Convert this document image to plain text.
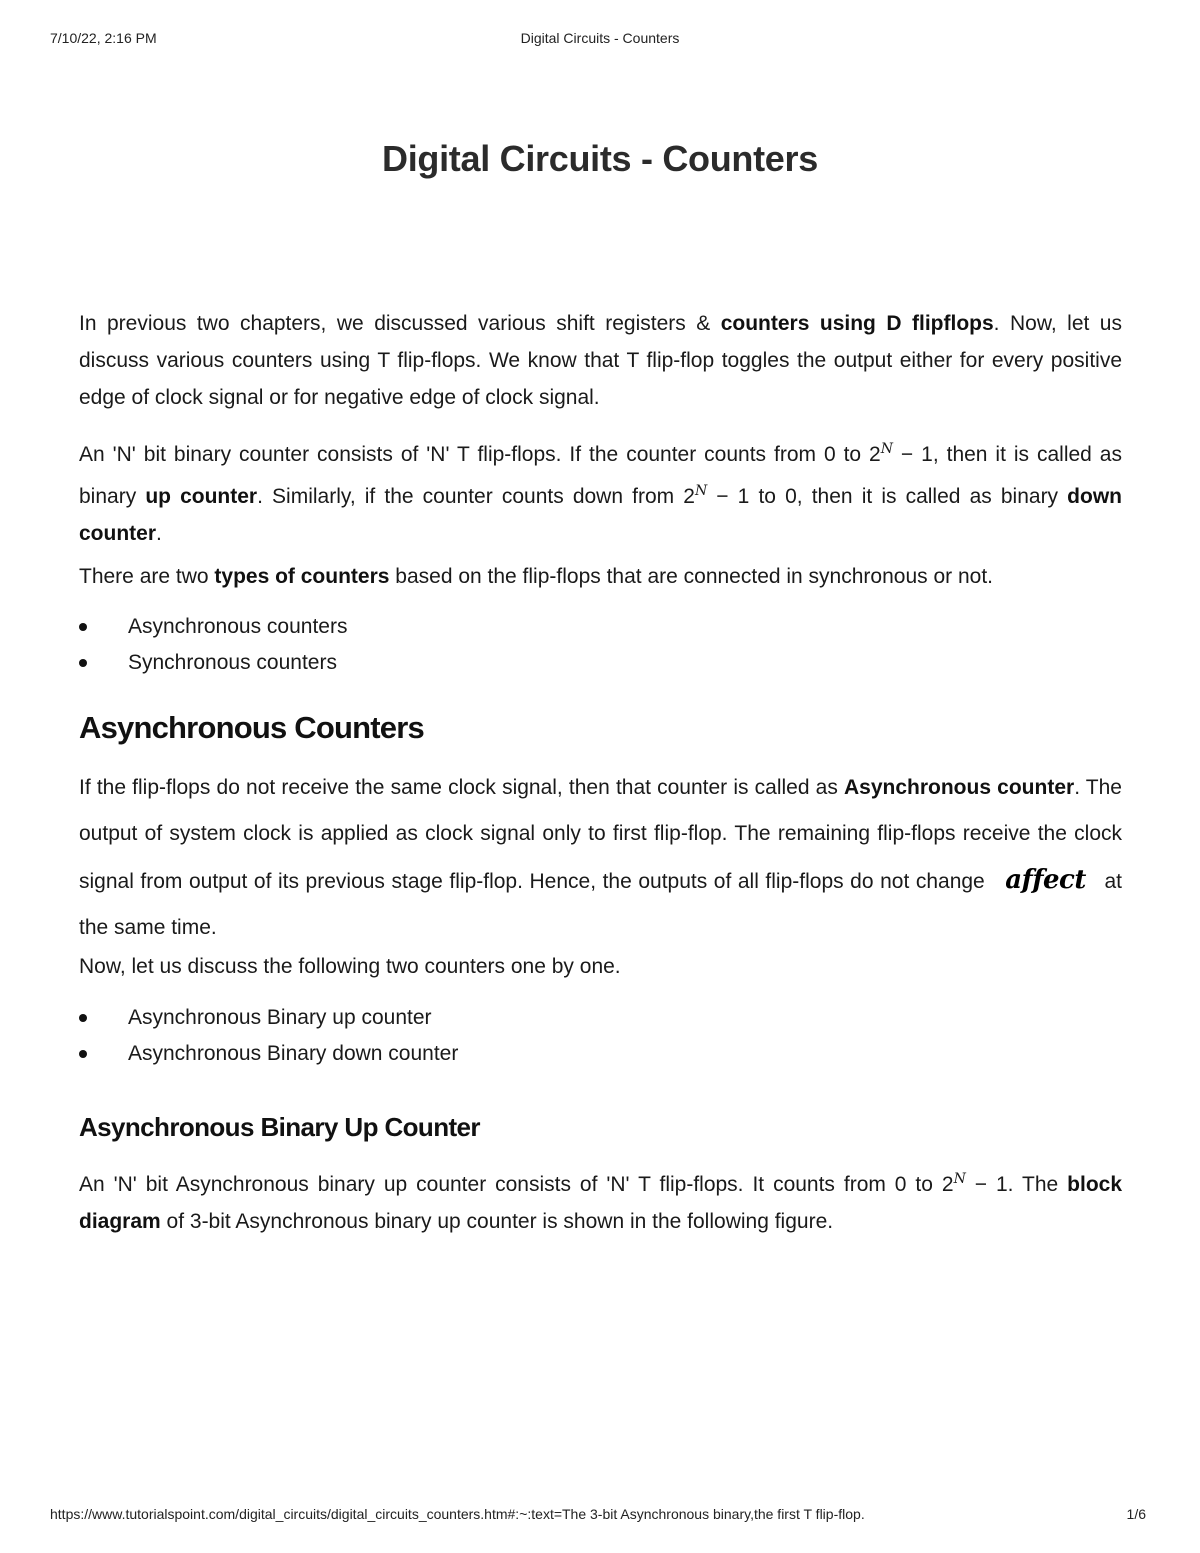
7/10/22, 2:16 PM	Digital Circuits - Counters
Digital Circuits - Counters

In previous two chapters, we discussed various shift registers & counters using D flipflops. Now, let us discuss various counters using T flip-flops. We know that T flip-flop toggles the output either for every positive edge of clock signal or for negative edge of clock signal.

An 'N' bit binary counter consists of 'N' T flip-flops. If the counter counts from 0 to $2^N - 1$, then it is called as binary up counter. Similarly, if the counter counts down from $2^N - 1$ to 0, then it is called as binary down counter.

There are two types of counters based on the flip-flops that are connected in synchronous or not.

Asynchronous counters
Synchronous counters
Asynchronous Counters

If the flip-flops do not receive the same clock signal, then that counter is called as Asynchronous counter. The output of system clock is applied as clock signal only to first flip-flop. The remaining flip-flops receive the clock signal from output of its previous stage flip-flop. Hence, the outputs of all flip-flops do not change affect at the same time.

Now, let us discuss the following two counters one by one.

Asynchronous Binary up counter
Asynchronous Binary down counter
Asynchronous Binary Up Counter

An 'N' bit Asynchronous binary up counter consists of 'N' T flip-flops. It counts from 0 to $2^N - 1$. The block diagram of 3-bit Asynchronous binary up counter is shown in the following figure.

https://www.tutorialspoint.com/digital_circuits/digital_circuits_counters.htm#:~:text=The 3-bit Asynchronous binary,the first T flip-flop.	1/6
